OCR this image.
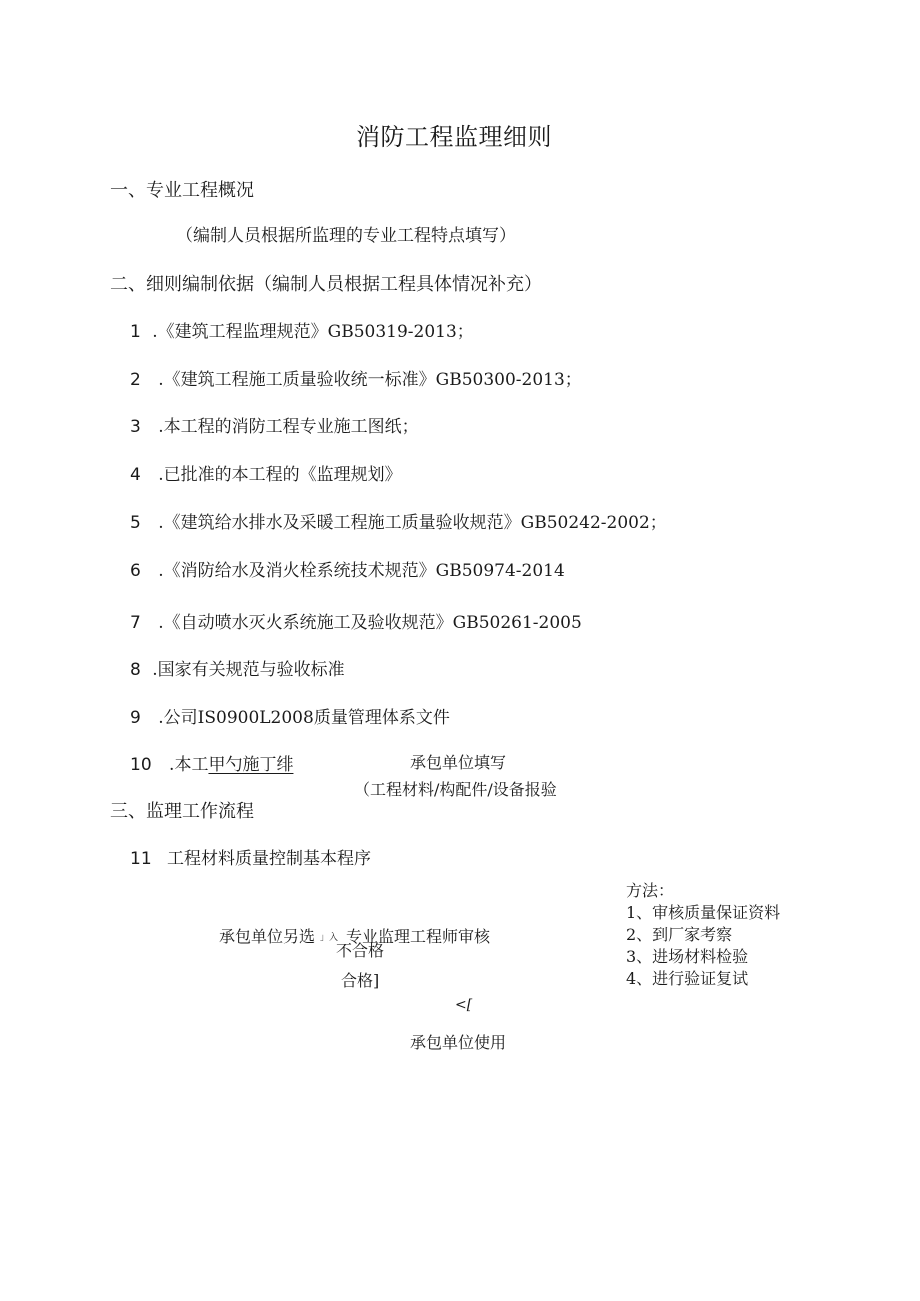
消防工程监理细则
一、专业工程概况
（编制人员根据所监理的专业工程特点填写）
二、细则编制依据（编制人员根据工程具体情况补充）
1 .《建筑工程监理规范》GB50319-2013；
2 .《建筑工程施工质量验收统一标准》GB50300-2013；
3 .本工程的消防工程专业施工图纸；
4 .已批准的本工程的《监理规划》
5 .《建筑给水排水及采暖工程施工质量验收规范》GB50242-2002；
6 .《消防给水及消火栓系统技术规范》GB50974-2014
7 .《自动喷水灭火系统施工及验收规范》GB50261-2005
8 .国家有关规范与验收标准
9 .公司IS0900L2008质量管理体系文件
10 .本工甲勺施丁绯	承包单位填写
（工程材料/构配件/设备报验
三、监理工作流程
11 工程材料质量控制基本程序
承包单位另选 」入 专业监理工程师审核
不合格
合格]
<[
承包单位使用
方法：
1、审核质量保证资料
2、到厂家考察
3、进场材料检验
4、进行验证复试
